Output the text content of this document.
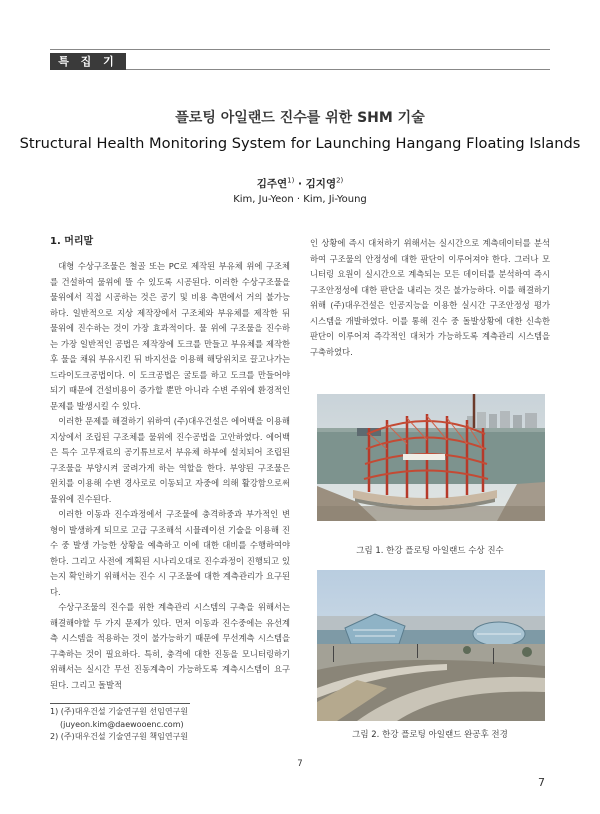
특 집 기 사
플로팅 아일랜드 진수를 위한 SHM 기술
Structural Health Monitoring System for Launching Hangang Floating Islands
김주연$^{1)}$ · 김지영$^{2)}$
Kim, Ju-Yeon · Kim, Ji-Young
1. 머리말

대형 수상구조물은 철골 또는 PC로 제작된 부유체 위에 구조체를 건설하여 물위에 뜰 수 있도록 시공된다. 이러한 수상구조물을 물위에서 직접 시공하는 것은 공기 및 비용 측면에서 거의 불가능하다. 일반적으로 지상 제작장에서 구조체와 부유체를 제작한 뒤 물위에 진수하는 것이 가장 효과적이다. 물 위에 구조물을 진수하는 가장 일반적인 공법은 제작장에 도크를 만들고 부유체를 제작한 후 물을 채워 부유시킨 뒤 바지선을 이용해 해당위치로 끌고나가는 드라이도크공법이다. 이 도크공법은 굴토를 하고 도크를 만들어야 되기 때문에 건설비용이 증가할 뿐만 아니라 수변 주위에 환경적인 문제를 발생시킬 수 있다.

이러한 문제를 해결하기 위하여 (주)대우건설은 에어백을 이용해 지상에서 조립된 구조체를 물위에 진수공법을 고안하였다. 에어백은 특수 고무재료의 공기튜브로서 부유체 하부에 설치되어 조립된 구조물을 부양시켜 굴려가게 하는 역할을 한다. 부양된 구조물은 윈치를 이용해 수변 경사로로 이동되고 자중에 의해 활강함으로써 물위에 진수된다.

이러한 이동과 진수과정에서 구조물에 충격하중과 부가적인 변형이 발생하게 되므로 고급 구조해석 시뮬레이션 기술을 이용해 진수 중 발생 가능한 상황을 예측하고 이에 대한 대비를 수행하여야 한다. 그리고 사전에 계획된 시나리오대로 진수과정이 진행되고 있는지 확인하기 위해서는 진수 시 구조물에 대한 계측관리가 요구된다.

수상구조물의 진수를 위한 계측관리 시스템의 구축을 위해서는 해결해야할 두 가지 문제가 있다. 먼저 이동과 진수중에는 유선계측 시스템을 적용하는 것이 불가능하기 때문에 무선계측 시스템을 구축하는 것이 필요하다. 특히, 충격에 대한 진동을 모니터링하기 위해서는 실시간 무선 진동계측이 가능하도록 계측시스템이 요구된다. 그리고 돌발적

1) (주)대우건설 기술연구원 선임연구원
(juyeon.kim@daewooenc.com)
2) (주)대우건설 기술연구원 책임연구원

인 상황에 즉시 대처하기 위해서는 실시간으로 계측데이터를 분석하여 구조물의 안정성에 대한 판단이 이루어져야 한다. 그러나 모니터링 요원이 실시간으로 계측되는 모든 데이터를 분석하여 즉시 구조안정성에 대한 판단을 내리는 것은 불가능하다. 이를 해결하기 위해 (주)대우건설은 인공지능을 이용한 실시간 구조안정성 평가 시스템을 개발하였다. 이를 통해 진수 중 돌발상황에 대한 신속한 판단이 이루어져 즉각적인 대처가 가능하도록 계측관리 시스템을 구축하였다.

그림 1. 한강 플로팅 아일랜드 수상 진수
그림 2. 한강 플로팅 아일랜드 완공후 전경
7
7
